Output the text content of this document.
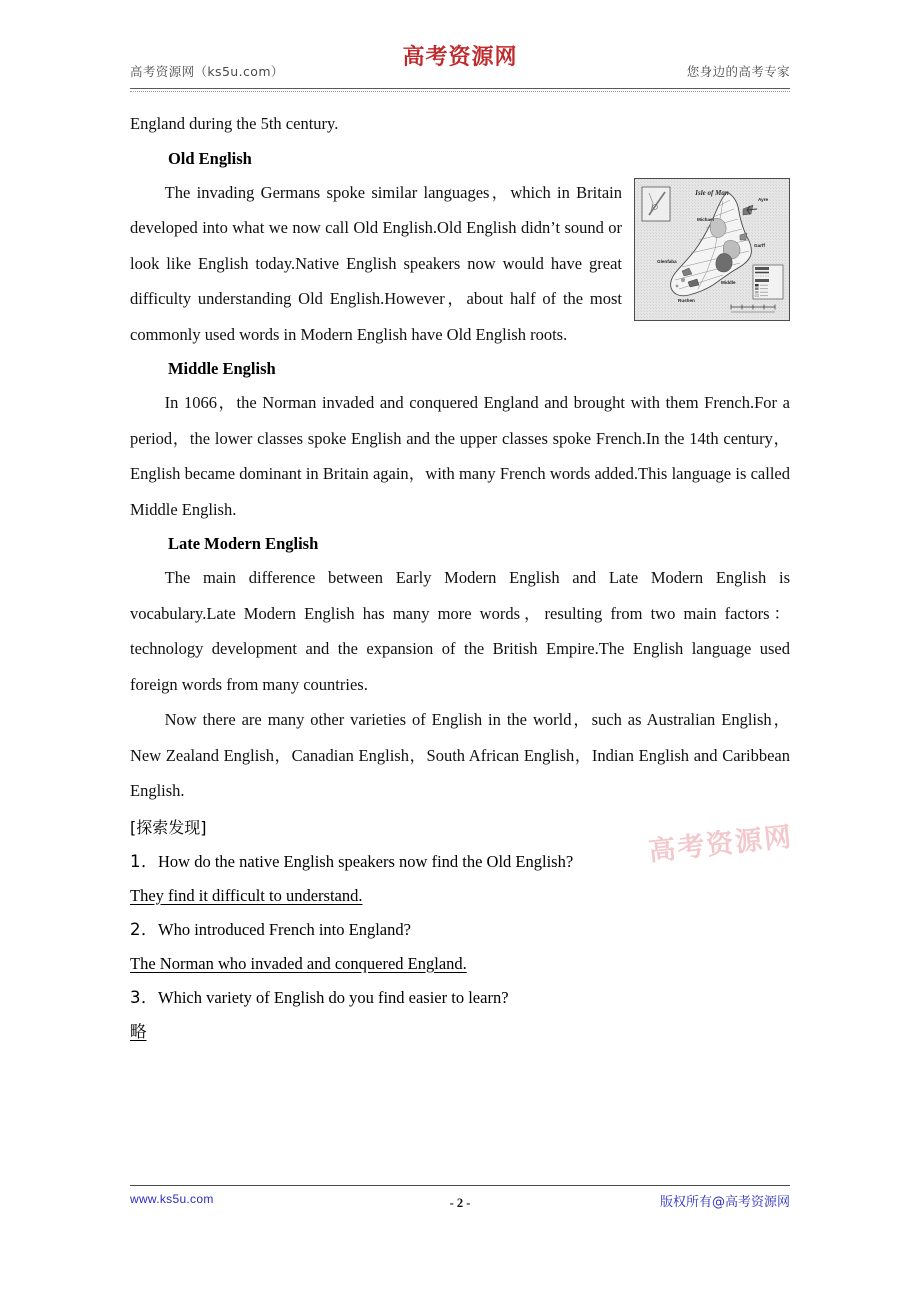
高考资源网（ks5u.com）
高考资源网
您身边的高考专家

England during the 5th century.

Old English
Isle of Man
Ayre
Michael
Garff
Glenfaba
Middle
Rushen

The invading Germans spoke similar languages，which in Britain developed into what we now call Old English.Old English didn’t sound or look like English today.Native English speakers now would have great difficulty understanding Old English.However，about half of the most commonly used words in Modern English have Old English roots.

Middle English

In 1066，the Norman invaded and conquered England and brought with them French.For a period，the lower classes spoke English and the upper classes spoke French.In the 14th century，English became dominant in Britain again，with many French words added.This language is called Middle English.

Late Modern English

The main difference between Early Modern English and Late Modern English is vocabulary.Late Modern English has many more words，resulting from two main factors：technology development and the expansion of the British Empire.The English language used foreign words from many countries.

Now there are many other varieties of English in the world，such as Australian English，New Zealand English，Canadian English，South African English，Indian English and Caribbean English.

[探索发现]

1．How do the native English speakers now find the Old English?

They find it difficult to understand.

2．Who introduced French into England?

The Norman who invaded and conquered England.

3．Which variety of English do you find easier to learn?

略

高考资源网
www.ks5u.com	- 2 -	版权所有@高考资源网
